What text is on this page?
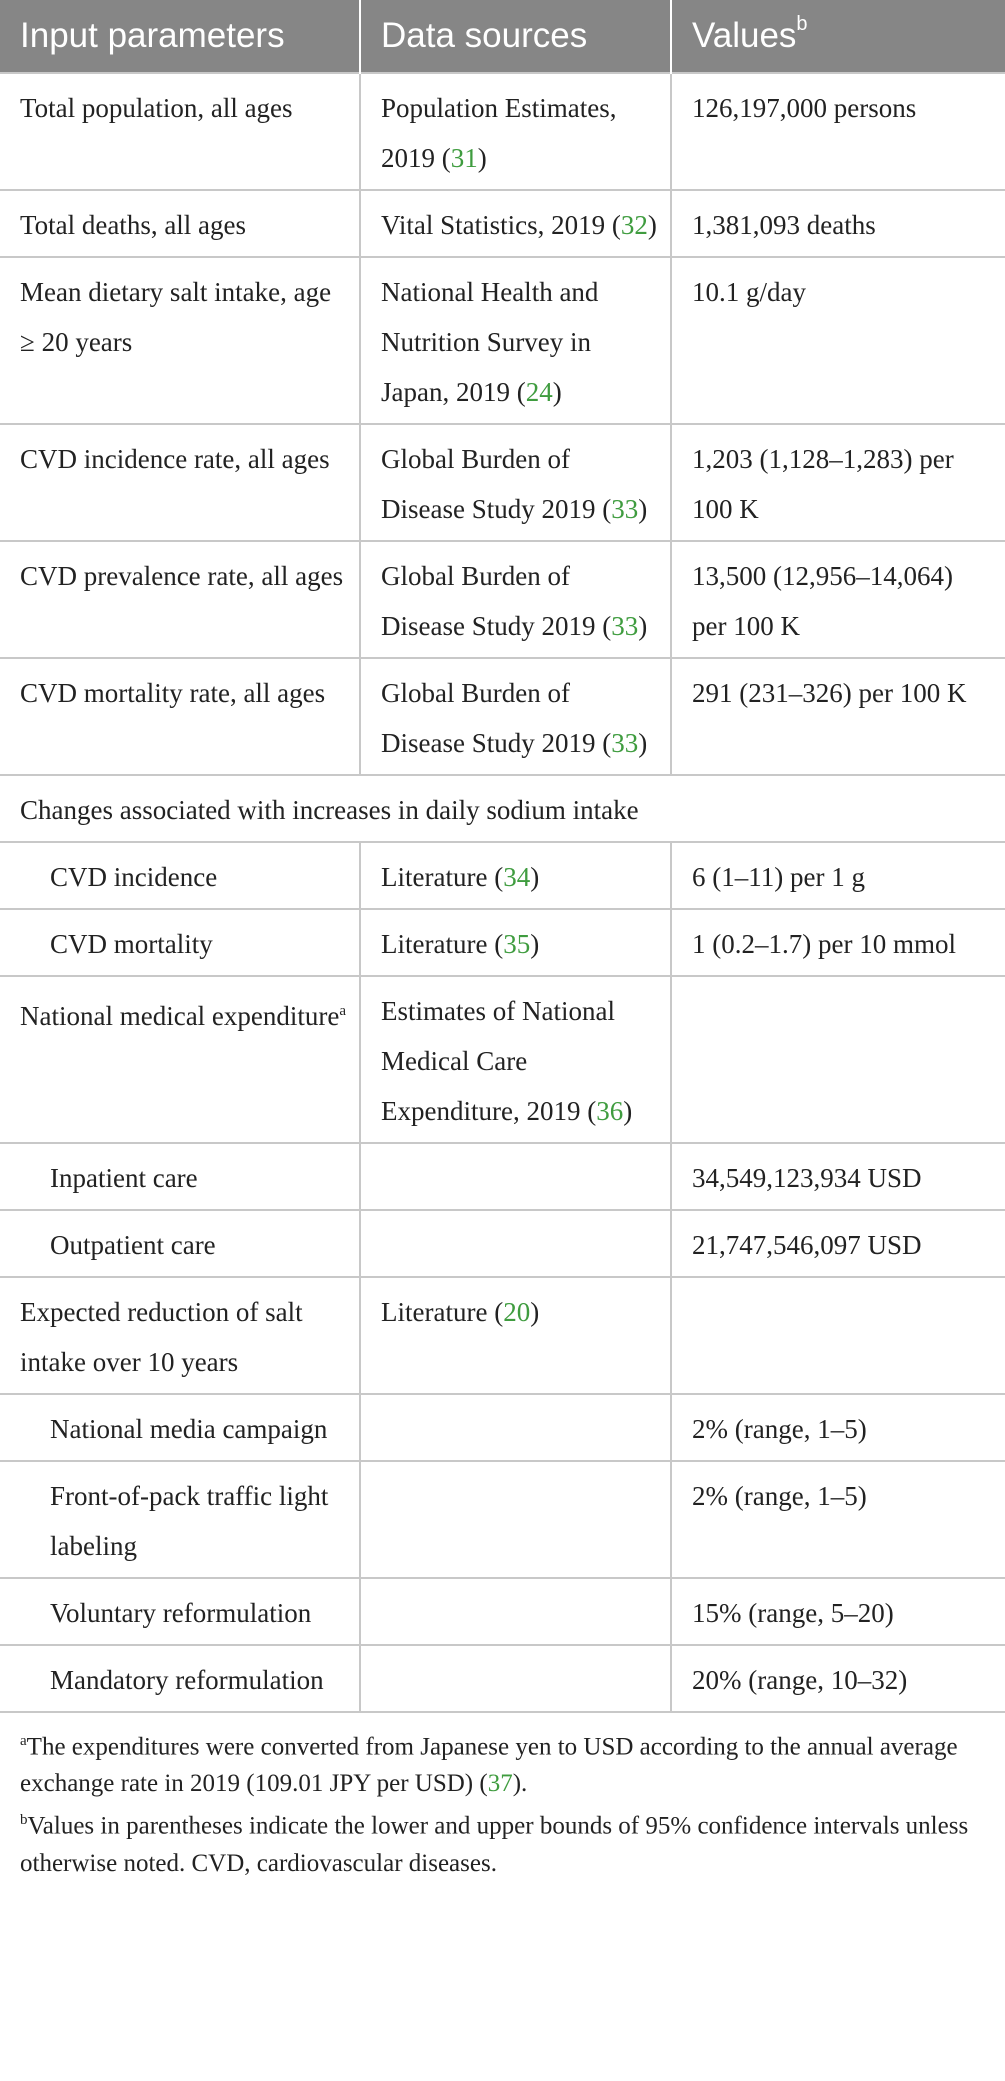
Input parameters	Data sources	Values$^b$
Total population, all ages	Population Estimates, 2019 (31)	126,197,000 persons
Total deaths, all ages	Vital Statistics, 2019 (32)	1,381,093 deaths
Mean dietary salt intake, age ≥ 20 years	National Health and Nutrition Survey in Japan, 2019 (24)	10.1 g/day
CVD incidence rate, all ages	Global Burden of Disease Study 2019 (33)	1,203 (1,128–1,283) per 100 K
CVD prevalence rate, all ages	Global Burden of Disease Study 2019 (33)	13,500 (12,956–14,064) per 100 K
CVD mortality rate, all ages	Global Burden of Disease Study 2019 (33)	291 (231–326) per 100 K
Changes associated with increases in daily sodium intake		
CVD incidence	Literature (34)	6 (1–11) per 1 g
CVD mortality	Literature (35)	1 (0.2–1.7) per 10 mmol
National medical expenditure$^a$	Estimates of National Medical Care Expenditure, 2019 (36)	
Inpatient care		34,549,123,934 USD
Outpatient care		21,747,546,097 USD
Expected reduction of salt intake over 10 years	Literature (20)	
National media campaign		2% (range, 1–5)
Front-of-pack traffic light labeling		2% (range, 1–5)
Voluntary reformulation		15% (range, 5–20)
Mandatory reformulation		20% (range, 10–32)
$^a$The expenditures were converted from Japanese yen to USD according to the annual average exchange rate in 2019 (109.01 JPY per USD) (37).
$^b$Values in parentheses indicate the lower and upper bounds of 95% confidence intervals unless otherwise noted. CVD, cardiovascular diseases.
